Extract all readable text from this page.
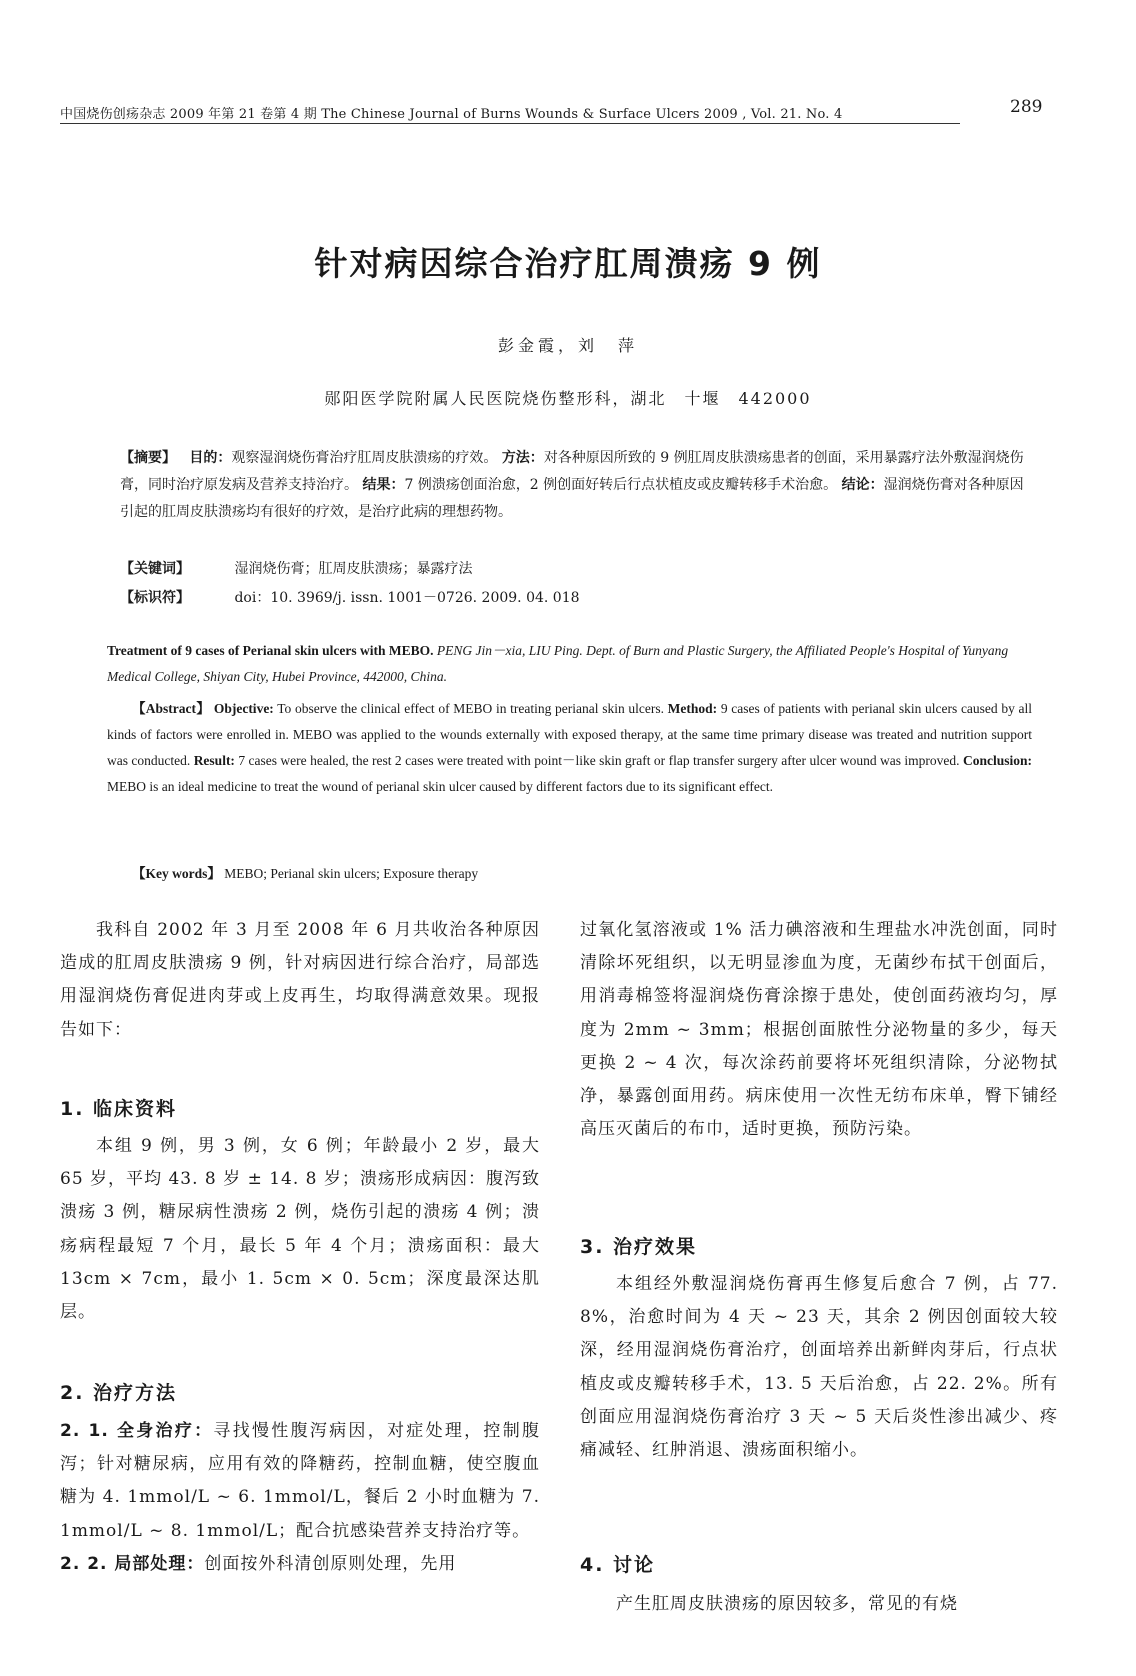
中国烧伤创疡杂志 2009 年第 21 卷第 4 期 The Chinese Journal of Burns Wounds & Surface Ulcers 2009 , Vol. 21. No. 4	289
针对病因综合治疗肛周溃疡 9 例
彭金霞，刘　萍
郧阳医学院附属人民医院烧伤整形科，湖北　十堰　442000
【摘要】 目的：观察湿润烧伤膏治疗肛周皮肤溃疡的疗效。 方法：对各种原因所致的 9 例肛周皮肤溃疡患者的创面，采用暴露疗法外敷湿润烧伤膏，同时治疗原发病及营养支持治疗。 结果：7 例溃疡创面治愈，2 例创面好转后行点状植皮或皮瓣转移手术治愈。 结论：湿润烧伤膏对各种原因引起的肛周皮肤溃疡均有很好的疗效，是治疗此病的理想药物。
【关键词】	湿润烧伤膏；肛周皮肤溃疡；暴露疗法
【标识符】	doi：10. 3969/j. issn. 1001－0726. 2009. 04. 018
Treatment of 9 cases of Perianal skin ulcers with MEBO. PENG Jin－xia, LIU Ping. Dept. of Burn and Plastic Surgery, the Affiliated People's Hospital of Yunyang Medical College, Shiyan City, Hubei Province, 442000, China.
【Abstract】 Objective: To observe the clinical effect of MEBO in treating perianal skin ulcers. Method: 9 cases of patients with perianal skin ulcers caused by all kinds of factors were enrolled in. MEBO was applied to the wounds externally with exposed therapy, at the same time primary disease was treated and nutrition support was conducted. Result: 7 cases were healed, the rest 2 cases were treated with point－like skin graft or flap transfer surgery after ulcer wound was improved. Conclusion: MEBO is an ideal medicine to treat the wound of perianal skin ulcer caused by different factors due to its significant effect.
【Key words】 MEBO; Perianal skin ulcers; Exposure therapy
我科自 2002 年 3 月至 2008 年 6 月共收治各种原因造成的肛周皮肤溃疡 9 例，针对病因进行综合治疗，局部选用湿润烧伤膏促进肉芽或上皮再生，均取得满意效果。现报告如下：
1. 临床资料
本组 9 例，男 3 例，女 6 例；年龄最小 2 岁，最大 65 岁，平均 43. 8 岁 ± 14. 8 岁；溃疡形成病因：腹泻致溃疡 3 例，糖尿病性溃疡 2 例，烧伤引起的溃疡 4 例；溃疡病程最短 7 个月，最长 5 年 4 个月；溃疡面积：最大 13cm × 7cm，最小 1. 5cm × 0. 5cm；深度最深达肌层。
2. 治疗方法
2. 1. 全身治疗：寻找慢性腹泻病因，对症处理，控制腹泻；针对糖尿病，应用有效的降糖药，控制血糖，使空腹血糖为 4. 1mmol/L ~ 6. 1mmol/L，餐后 2 小时血糖为 7. 1mmol/L ~ 8. 1mmol/L；配合抗感染营养支持治疗等。
2. 2. 局部处理：创面按外科清创原则处理，先用
过氧化氢溶液或 1% 活力碘溶液和生理盐水冲洗创面，同时清除坏死组织，以无明显渗血为度，无菌纱布拭干创面后，用消毒棉签将湿润烧伤膏涂擦于患处，使创面药液均匀，厚度为 2mm ~ 3mm；根据创面脓性分泌物量的多少，每天更换 2 ~ 4 次，每次涂药前要将坏死组织清除，分泌物拭净，暴露创面用药。病床使用一次性无纺布床单，臀下铺经高压灭菌后的布巾，适时更换，预防污染。
3. 治疗效果
本组经外敷湿润烧伤膏再生修复后愈合 7 例，占 77. 8%，治愈时间为 4 天 ~ 23 天，其余 2 例因创面较大较深，经用湿润烧伤膏治疗，创面培养出新鲜肉芽后，行点状植皮或皮瓣转移手术，13. 5 天后治愈，占 22. 2%。所有创面应用湿润烧伤膏治疗 3 天 ~ 5 天后炎性渗出减少、疼痛减轻、红肿消退、溃疡面积缩小。
4. 讨论
产生肛周皮肤溃疡的原因较多，常见的有烧
